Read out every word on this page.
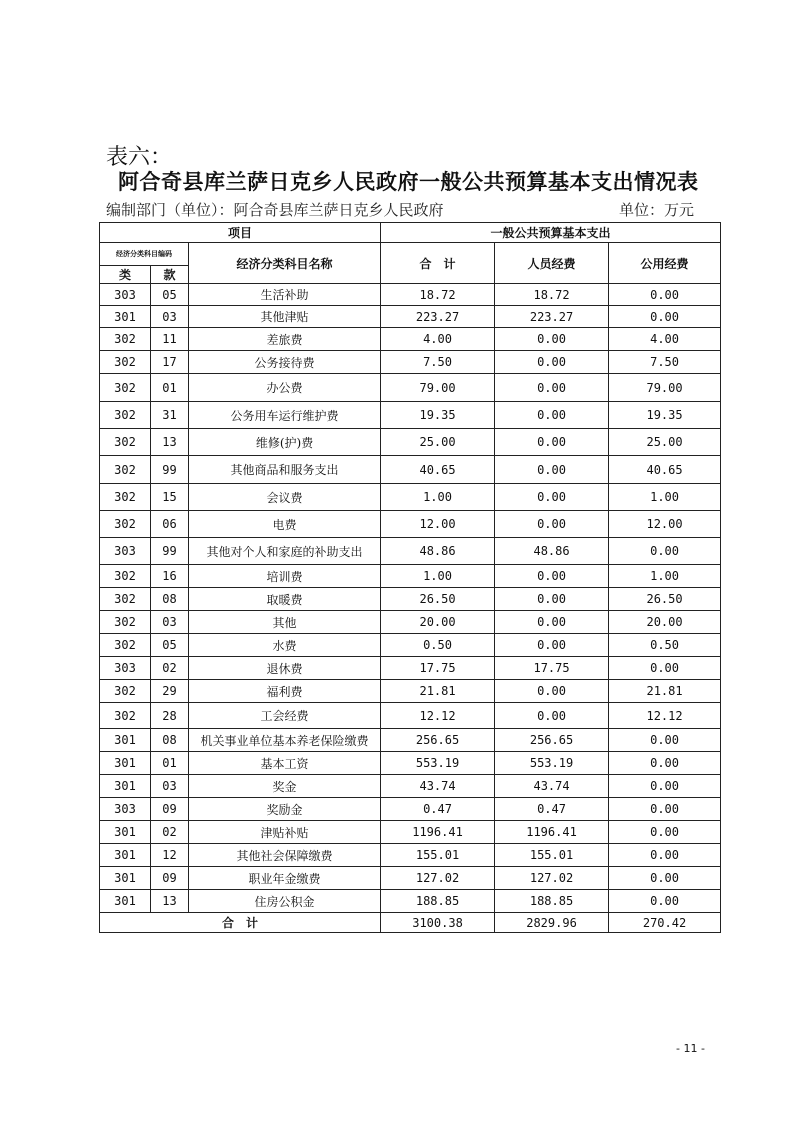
表六：
阿合奇县库兰萨日克乡人民政府一般公共预算基本支出情况表
编制部门（单位）：阿合奇县库兰萨日克乡人民政府	单位：万元
项目			一般公共预算基本支出		
经济分类科目编码		经济分类科目名称	合　计	人员经费	公用经费
类	款				
303	05	生活补助	18.72	18.72	0.00
301	03	其他津贴	223.27	223.27	0.00
302	11	差旅费	4.00	0.00	4.00
302	17	公务接待费	7.50	0.00	7.50
302	01	办公费	79.00	0.00	79.00
302	31	公务用车运行维护费	19.35	0.00	19.35
302	13	维修(护)费	25.00	0.00	25.00
302	99	其他商品和服务支出	40.65	0.00	40.65
302	15	会议费	1.00	0.00	1.00
302	06	电费	12.00	0.00	12.00
303	99	其他对个人和家庭的补助支出	48.86	48.86	0.00
302	16	培训费	1.00	0.00	1.00
302	08	取暖费	26.50	0.00	26.50
302	03	其他	20.00	0.00	20.00
302	05	水费	0.50	0.00	0.50
303	02	退休费	17.75	17.75	0.00
302	29	福利费	21.81	0.00	21.81
302	28	工会经费	12.12	0.00	12.12
301	08	机关事业单位基本养老保险缴费	256.65	256.65	0.00
301	01	基本工资	553.19	553.19	0.00
301	03	奖金	43.74	43.74	0.00
303	09	奖励金	0.47	0.47	0.00
301	02	津贴补贴	1196.41	1196.41	0.00
301	12	其他社会保障缴费	155.01	155.01	0.00
301	09	职业年金缴费	127.02	127.02	0.00
301	13	住房公积金	188.85	188.85	0.00
合　计			3100.38	2829.96	270.42
- 11 -
